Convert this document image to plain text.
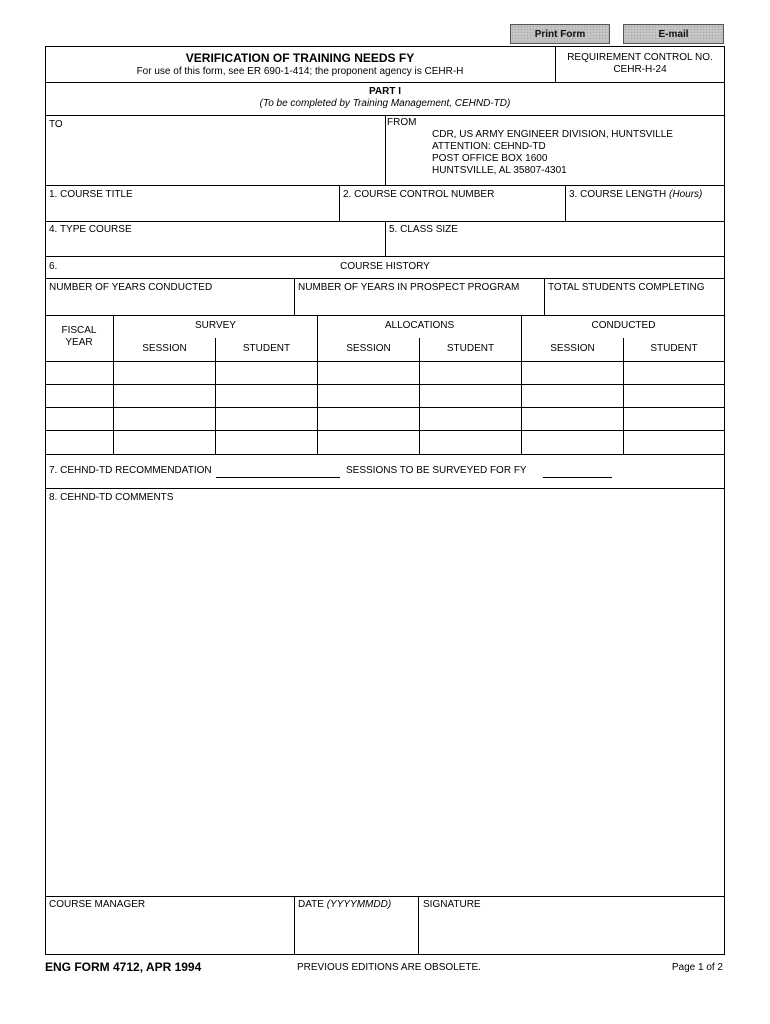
Print Form	E-mail
VERIFICATION OF TRAINING NEEDS FY
For use of this form, see ER 690-1-414; the proponent agency is CEHR-H
REQUIREMENT CONTROL NO.
CEHR-H-24
PART I
(To be completed by Training Management, CEHND-TD)
TO	FROM
CDR, US ARMY ENGINEER DIVISION, HUNTSVILLE
ATTENTION: CEHND-TD
POST OFFICE BOX 1600
HUNTSVILLE, AL 35807-4301
1. COURSE TITLE	2. COURSE CONTROL NUMBER	3. COURSE LENGTH (Hours)
4. TYPE COURSE	5. CLASS SIZE
6.	COURSE HISTORY
NUMBER OF YEARS CONDUCTED	NUMBER OF YEARS IN PROSPECT PROGRAM	TOTAL STUDENTS COMPLETING
FISCAL
YEAR
SURVEY	ALLOCATIONS	CONDUCTED
SESSION	STUDENT	SESSION	STUDENT	SESSION	STUDENT
7. CEHND-TD RECOMMENDATION	SESSIONS TO BE SURVEYED FOR FY
8. CEHND-TD COMMENTS
COURSE MANAGER	DATE (YYYYMMDD)	SIGNATURE
ENG FORM 4712, APR 1994	PREVIOUS EDITIONS ARE OBSOLETE.	Page 1 of 2
